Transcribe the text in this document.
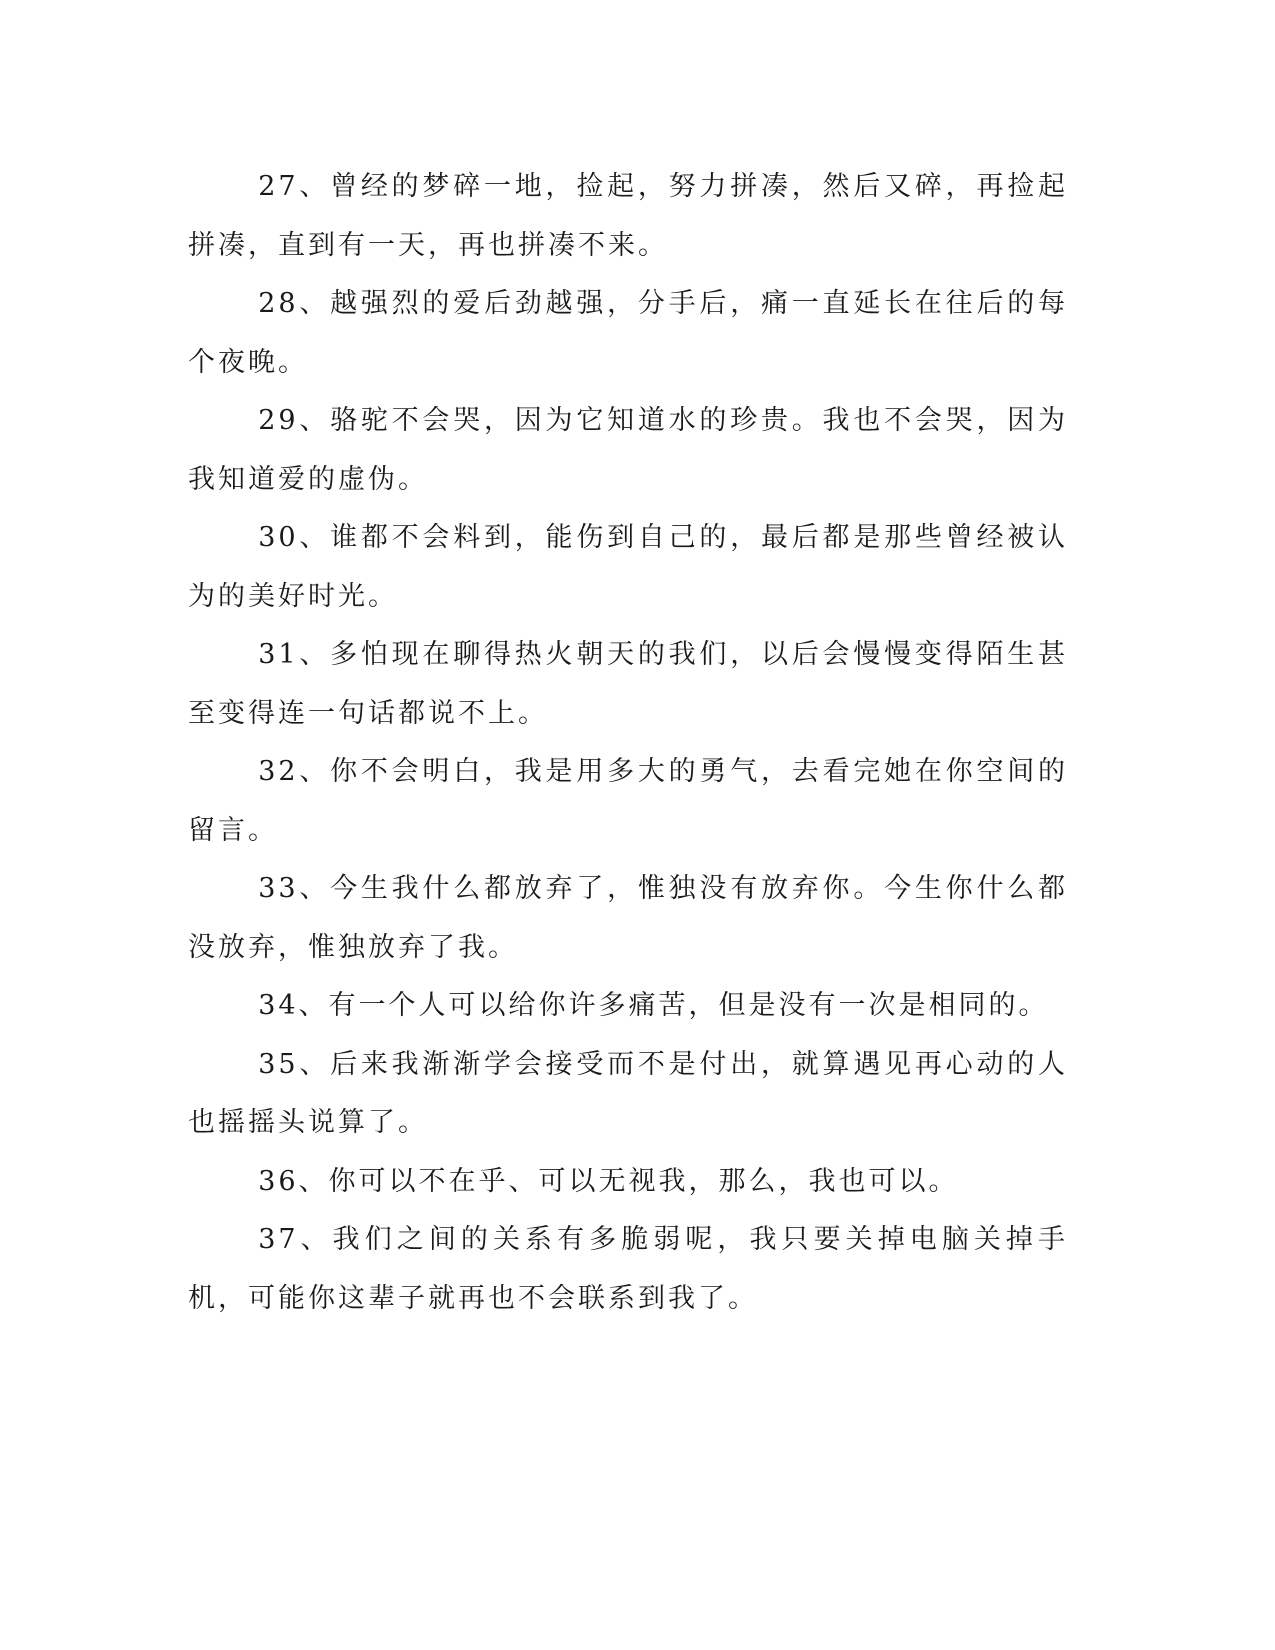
27、曾经的梦碎一地，捡起，努力拼凑，然后又碎，再捡起拼凑，直到有一天，再也拼凑不来。

28、越强烈的爱后劲越强，分手后，痛一直延长在往后的每个夜晚。

29、骆驼不会哭，因为它知道水的珍贵。我也不会哭，因为我知道爱的虚伪。

30、谁都不会料到，能伤到自己的，最后都是那些曾经被认为的美好时光。

31、多怕现在聊得热火朝天的我们，以后会慢慢变得陌生甚至变得连一句话都说不上。

32、你不会明白，我是用多大的勇气，去看完她在你空间的留言。

33、今生我什么都放弃了，惟独没有放弃你。今生你什么都没放弃，惟独放弃了我。

34、有一个人可以给你许多痛苦，但是没有一次是相同的。

35、后来我渐渐学会接受而不是付出，就算遇见再心动的人也摇摇头说算了。

36、你可以不在乎、可以无视我，那么，我也可以。

37、我们之间的关系有多脆弱呢，我只要关掉电脑关掉手机，可能你这辈子就再也不会联系到我了。
